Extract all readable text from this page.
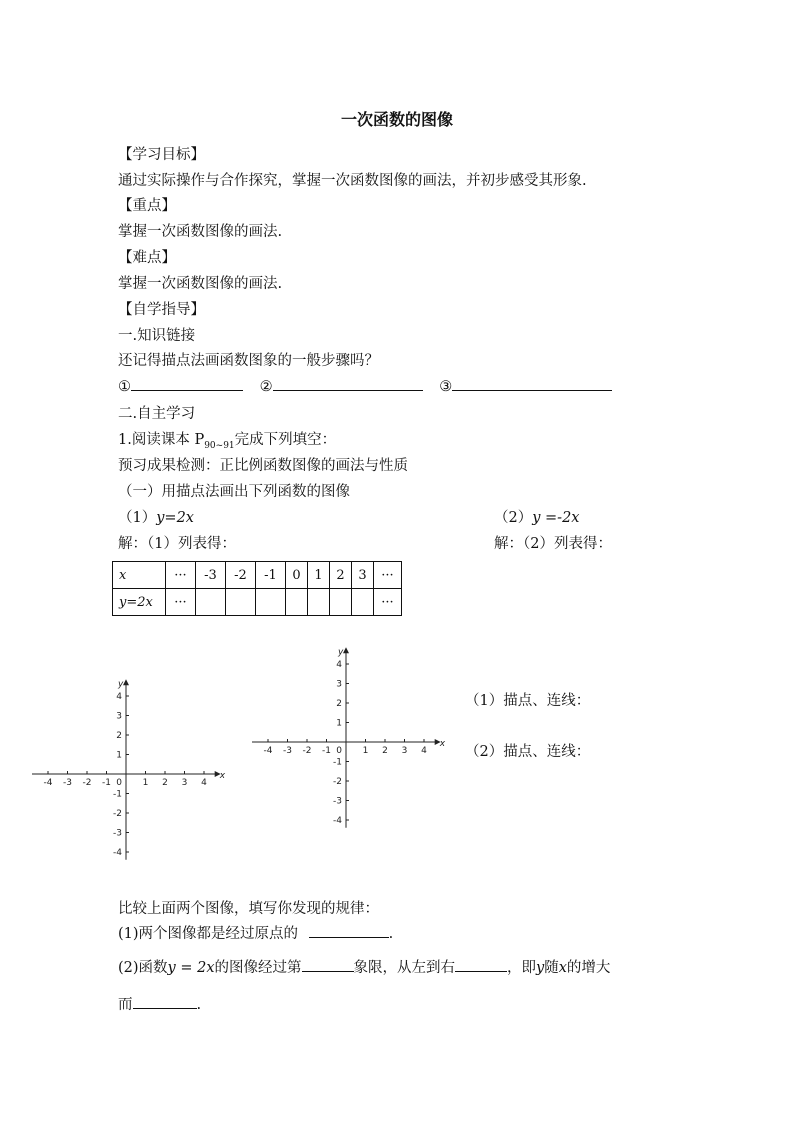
一次函数的图像
【学习目标】
通过实际操作与合作探究，掌握一次函数图像的画法，并初步感受其形象.
【重点】
掌握一次函数图像的画法.
【难点】
掌握一次函数图像的画法.
【自学指导】
一.知识链接
还记得描点法画函数图象的一般步骤吗？
①	②	③
二.自主学习
1.阅读课本 $P_{90\sim 91}$完成下列填空：
预习成果检测：正比例函数图像的画法与性质
（一）用描点法画出下列函数的图像
（1）y=2x	（2）y =-2x
解：（1）列表得：	解：（2）列表得：
x	···	-3	-2	-1	0	1	2	3	···
y=2x	···								···
-4 -3 -2 -1	1 2 3 4
4
3
2
1
-1
-2
-3
-4
0
x
y
-4 -3 -2 -1	1 2 3 4
4
3
2
1
-1
-2
-3
-4
0
x
y
（1）描点、连线：
（2）描点、连线：
比较上面两个图像，填写你发现的规律：
(1)两个图像都是经过原点的	.
(2)函数y = 2x的图像经过第	象限，从左到右	，即y随x的增大
而	.
